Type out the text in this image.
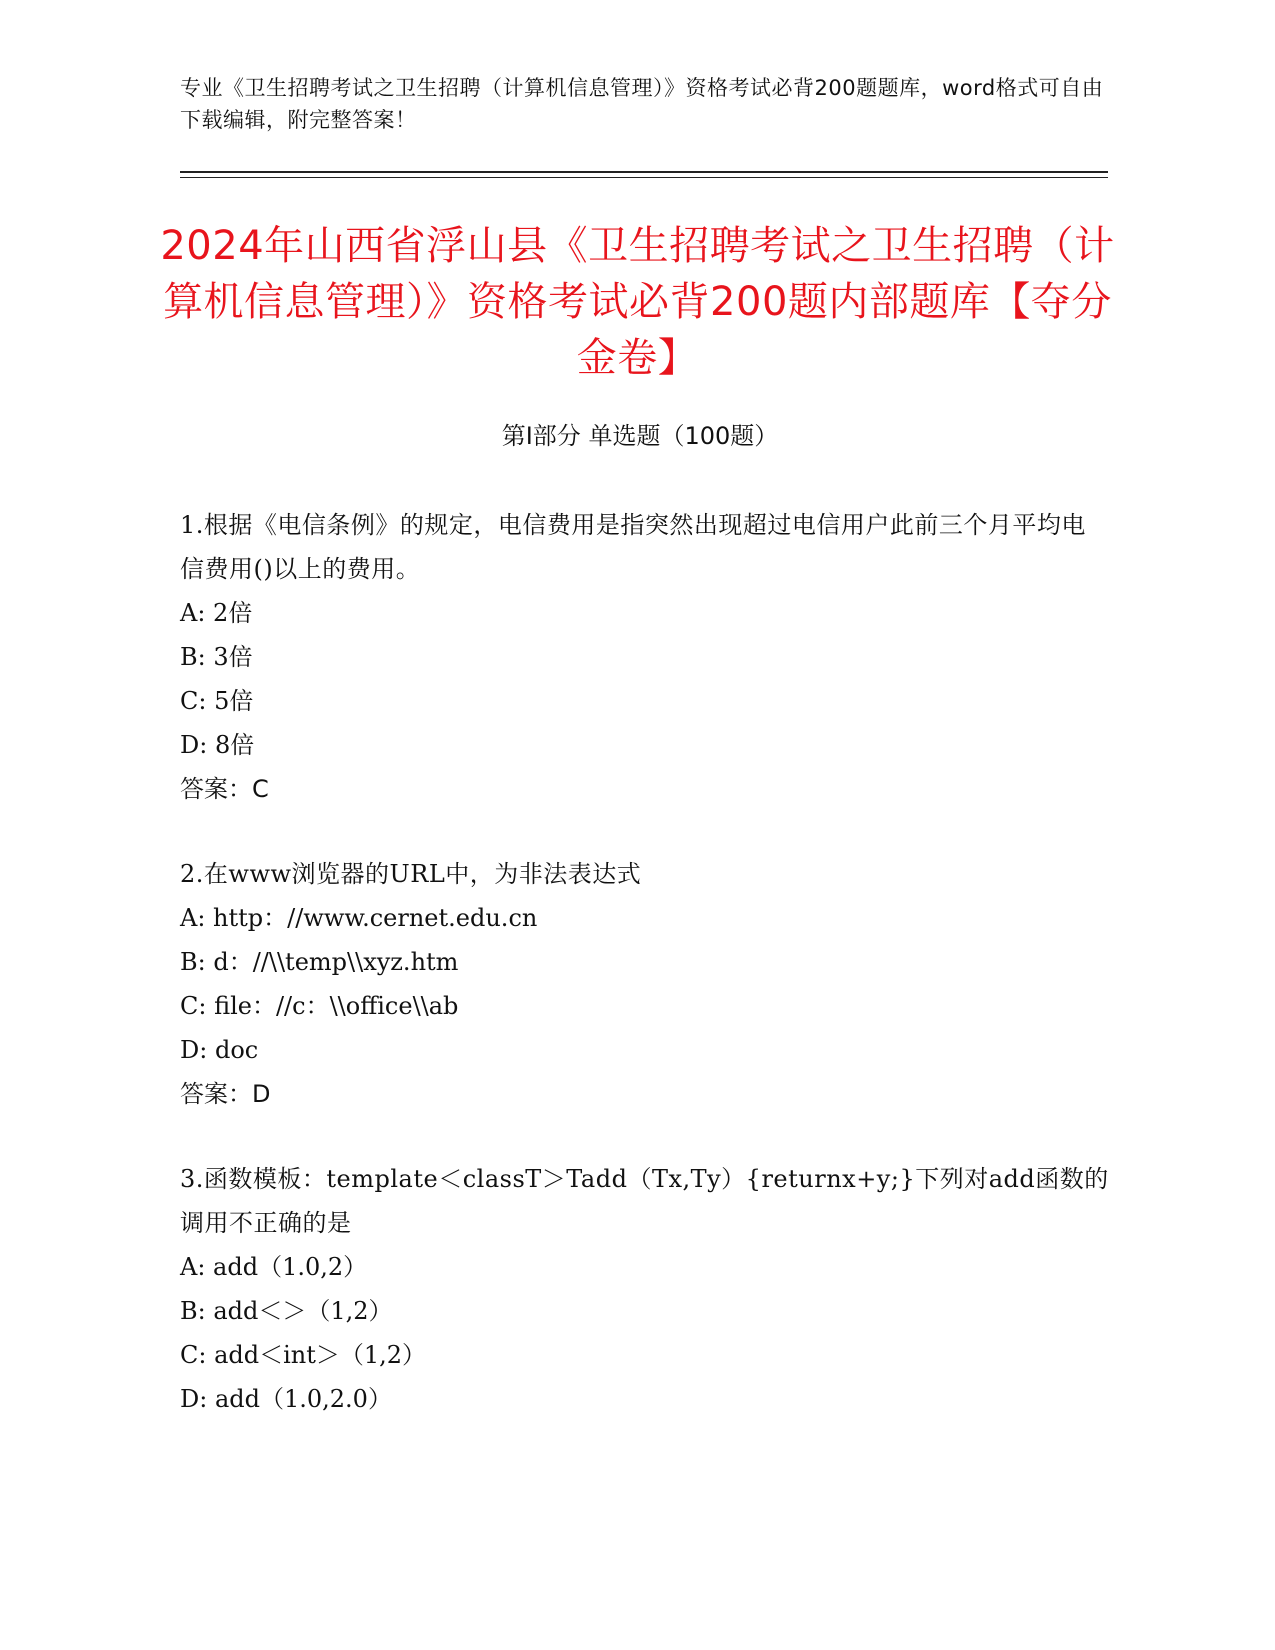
专业《卫生招聘考试之卫生招聘（计算机信息管理）》资格考试必背200题题库，word格式可自由下载编辑，附完整答案！
2024年山西省浮山县《卫生招聘考试之卫生招聘（计算机信息管理）》资格考试必背200题内部题库【夺分金卷】
第Ⅰ部分 单选题（100题）
1.根据《电信条例》的规定，电信费用是指突然出现超过电信用户此前三个月平均电信费用()以上的费用。
A: 2倍
B: 3倍
C: 5倍
D: 8倍
答案：C
2.在www浏览器的URL中，为非法表达式
A: http：//www.cernet.edu.cn
B: d：//\\temp\\xyz.htm
C: file：//c：\\office\\ab
D: doc
答案：D
3.函数模板：template＜classT＞Tadd（Tx,Ty）{returnx+y;}下列对add函数的调用不正确的是
A: add（1.0,2）
B: add＜＞（1,2）
C: add＜int＞（1,2）
D: add（1.0,2.0）
